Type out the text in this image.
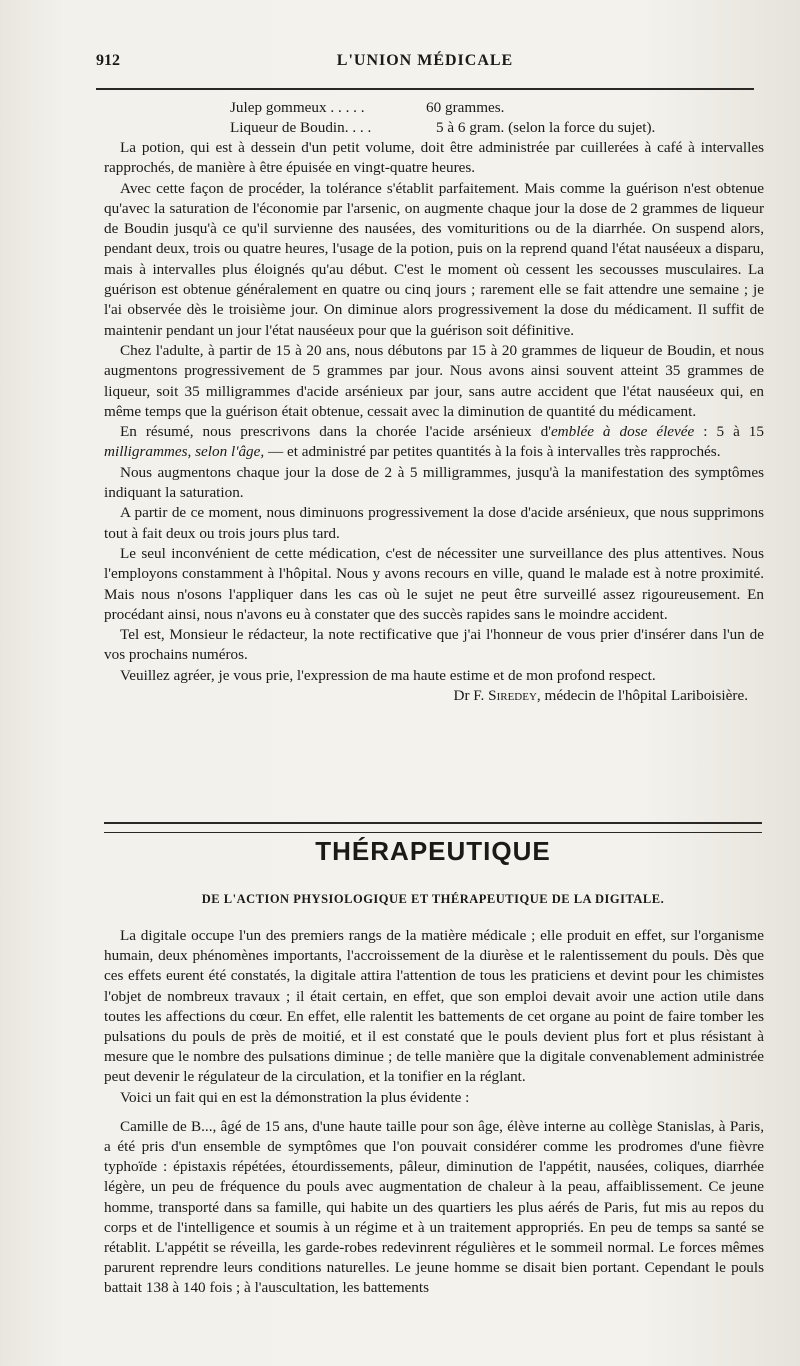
912	L'UNION MÉDICALE
Julep gommeux . . . . .	60 grammes.
Liqueur de Boudin. . . .	5 à 6 gram. (selon la force du sujet).

La potion, qui est à dessein d'un petit volume, doit être administrée par cuillerées à café à intervalles rapprochés, de manière à être épuisée en vingt-quatre heures.

Avec cette façon de procéder, la tolérance s'établit parfaitement. Mais comme la guérison n'est obtenue qu'avec la saturation de l'économie par l'arsenic, on augmente chaque jour la dose de 2 grammes de liqueur de Boudin jusqu'à ce qu'il survienne des nausées, des vomituritions ou de la diarrhée. On suspend alors, pendant deux, trois ou quatre heures, l'usage de la potion, puis on la reprend quand l'état nauséeux a disparu, mais à intervalles plus éloignés qu'au début. C'est le moment où cessent les secousses musculaires. La guérison est obtenue généralement en quatre ou cinq jours ; rarement elle se fait attendre une semaine ; je l'ai observée dès le troisième jour. On diminue alors progressivement la dose du médicament. Il suffit de maintenir pendant un jour l'état nauséeux pour que la guérison soit définitive.

Chez l'adulte, à partir de 15 à 20 ans, nous débutons par 15 à 20 grammes de liqueur de Boudin, et nous augmentons progressivement de 5 grammes par jour. Nous avons ainsi souvent atteint 35 grammes de liqueur, soit 35 milligrammes d'acide arsénieux par jour, sans autre accident que l'état nauséeux qui, en même temps que la guérison était obtenue, cessait avec la diminution de quantité du médicament.

En résumé, nous prescrivons dans la chorée l'acide arsénieux d'emblée à dose élevée : 5 à 15 milligrammes, selon l'âge, — et administré par petites quantités à la fois à intervalles très rapprochés.

Nous augmentons chaque jour la dose de 2 à 5 milligrammes, jusqu'à la manifestation des symptômes indiquant la saturation.

A partir de ce moment, nous diminuons progressivement la dose d'acide arsénieux, que nous supprimons tout à fait deux ou trois jours plus tard.

Le seul inconvénient de cette médication, c'est de nécessiter une surveillance des plus attentives. Nous l'employons constamment à l'hôpital. Nous y avons recours en ville, quand le malade est à notre proximité. Mais nous n'osons l'appliquer dans les cas où le sujet ne peut être surveillé assez rigoureusement. En procédant ainsi, nous n'avons eu à constater que des succès rapides sans le moindre accident.

Tel est, Monsieur le rédacteur, la note rectificative que j'ai l'honneur de vous prier d'insérer dans l'un de vos prochains numéros.

Veuillez agréer, je vous prie, l'expression de ma haute estime et de mon profond respect.

Dr F. Siredey, médecin de l'hôpital Lariboisière.

THÉRAPEUTIQUE
DE L'ACTION PHYSIOLOGIQUE ET THÉRAPEUTIQUE DE LA DIGITALE.

La digitale occupe l'un des premiers rangs de la matière médicale ; elle produit en effet, sur l'organisme humain, deux phénomènes importants, l'accroissement de la diurèse et le ralentissement du pouls. Dès que ces effets eurent été constatés, la digitale attira l'attention de tous les praticiens et devint pour les chimistes l'objet de nombreux travaux ; il était certain, en effet, que son emploi devait avoir une action utile dans toutes les affections du cœur. En effet, elle ralentit les battements de cet organe au point de faire tomber les pulsations du pouls de près de moitié, et il est constaté que le pouls devient plus fort et plus résistant à mesure que le nombre des pulsations diminue ; de telle manière que la digitale convenablement administrée peut devenir le régulateur de la circulation, et la tonifier en la réglant.

Voici un fait qui en est la démonstration la plus évidente :

Camille de B..., âgé de 15 ans, d'une haute taille pour son âge, élève interne au collège Stanislas, à Paris, a été pris d'un ensemble de symptômes que l'on pouvait considérer comme les prodromes d'une fièvre typhoïde : épistaxis répétées, étourdissements, pâleur, diminution de l'appétit, nausées, coliques, diarrhée légère, un peu de fréquence du pouls avec augmentation de chaleur à la peau, affaiblissement. Ce jeune homme, transporté dans sa famille, qui habite un des quartiers les plus aérés de Paris, fut mis au repos du corps et de l'intelligence et soumis à un régime et à un traitement appropriés. En peu de temps sa santé se rétablit. L'appétit se réveilla, les garde-robes redevinrent régulières et le sommeil normal. Le forces mêmes parurent reprendre leurs conditions naturelles. Le jeune homme se disait bien portant. Cependant le pouls battait 138 à 140 fois ; à l'auscultation, les battements
